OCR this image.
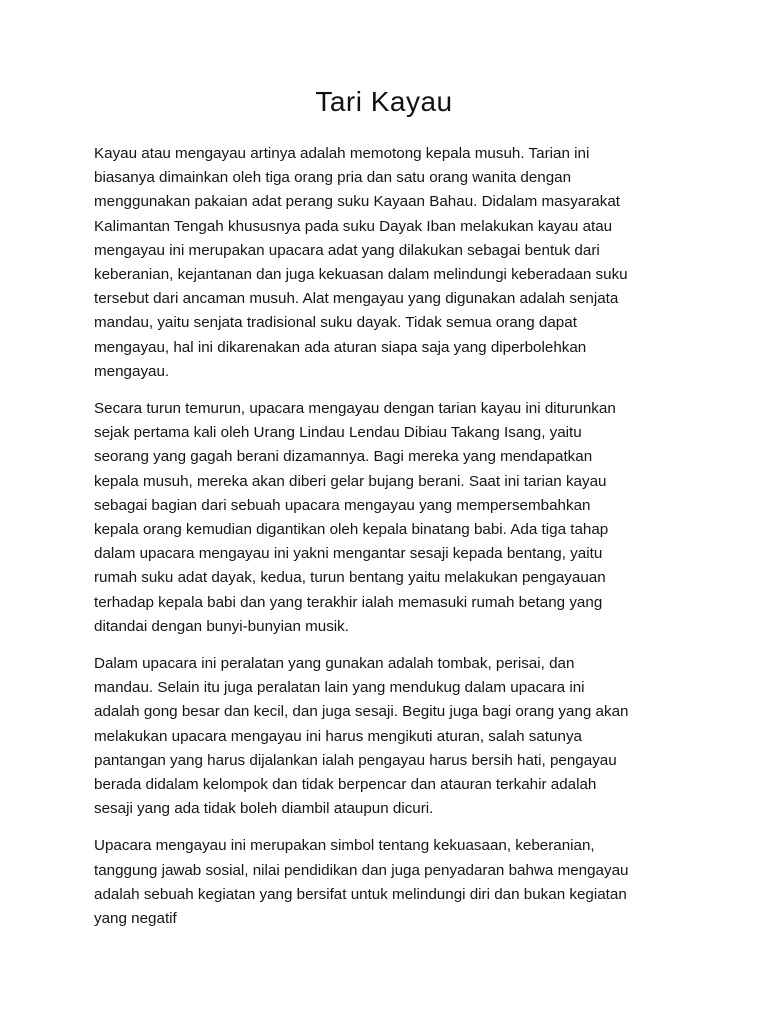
Tari Kayau

Kayau atau mengayau artinya adalah memotong kepala musuh. Tarian ini
biasanya dimainkan oleh tiga orang pria dan satu orang wanita dengan
menggunakan pakaian adat perang suku Kayaan Bahau. Didalam masyarakat
Kalimantan Tengah khususnya pada suku Dayak Iban melakukan kayau atau
mengayau ini merupakan upacara adat yang dilakukan sebagai bentuk dari
keberanian, kejantanan dan juga kekuasan dalam melindungi keberadaan suku
tersebut dari ancaman musuh. Alat mengayau yang digunakan adalah senjata
mandau, yaitu senjata tradisional suku dayak. Tidak semua orang dapat
mengayau, hal ini dikarenakan ada aturan siapa saja yang diperbolehkan
mengayau.

Secara turun temurun, upacara mengayau dengan tarian kayau ini diturunkan
sejak pertama kali oleh Urang Lindau Lendau Dibiau Takang Isang, yaitu
seorang yang gagah berani dizamannya. Bagi mereka yang mendapatkan
kepala musuh, mereka akan diberi gelar bujang berani. Saat ini tarian kayau
sebagai bagian dari sebuah upacara mengayau yang mempersembahkan
kepala orang kemudian digantikan oleh kepala binatang babi. Ada tiga tahap
dalam upacara mengayau ini yakni mengantar sesaji kepada bentang, yaitu
rumah suku adat dayak, kedua, turun bentang yaitu melakukan pengayauan
terhadap kepala babi dan yang terakhir ialah memasuki rumah betang yang
ditandai dengan bunyi-bunyian musik.

Dalam upacara ini peralatan yang gunakan adalah tombak, perisai, dan
mandau. Selain itu juga peralatan lain yang mendukug dalam upacara ini
adalah gong besar dan kecil, dan juga sesaji. Begitu juga bagi orang yang akan
melakukan upacara mengayau ini harus mengikuti aturan, salah satunya
pantangan yang harus dijalankan ialah pengayau harus bersih hati, pengayau
berada didalam kelompok dan tidak berpencar dan atauran terkahir adalah
sesaji yang ada tidak boleh diambil ataupun dicuri.

Upacara mengayau ini merupakan simbol tentang kekuasaan, keberanian,
tanggung jawab sosial, nilai pendidikan dan juga penyadaran bahwa mengayau
adalah sebuah kegiatan yang bersifat untuk melindungi diri dan bukan kegiatan
yang negatif
